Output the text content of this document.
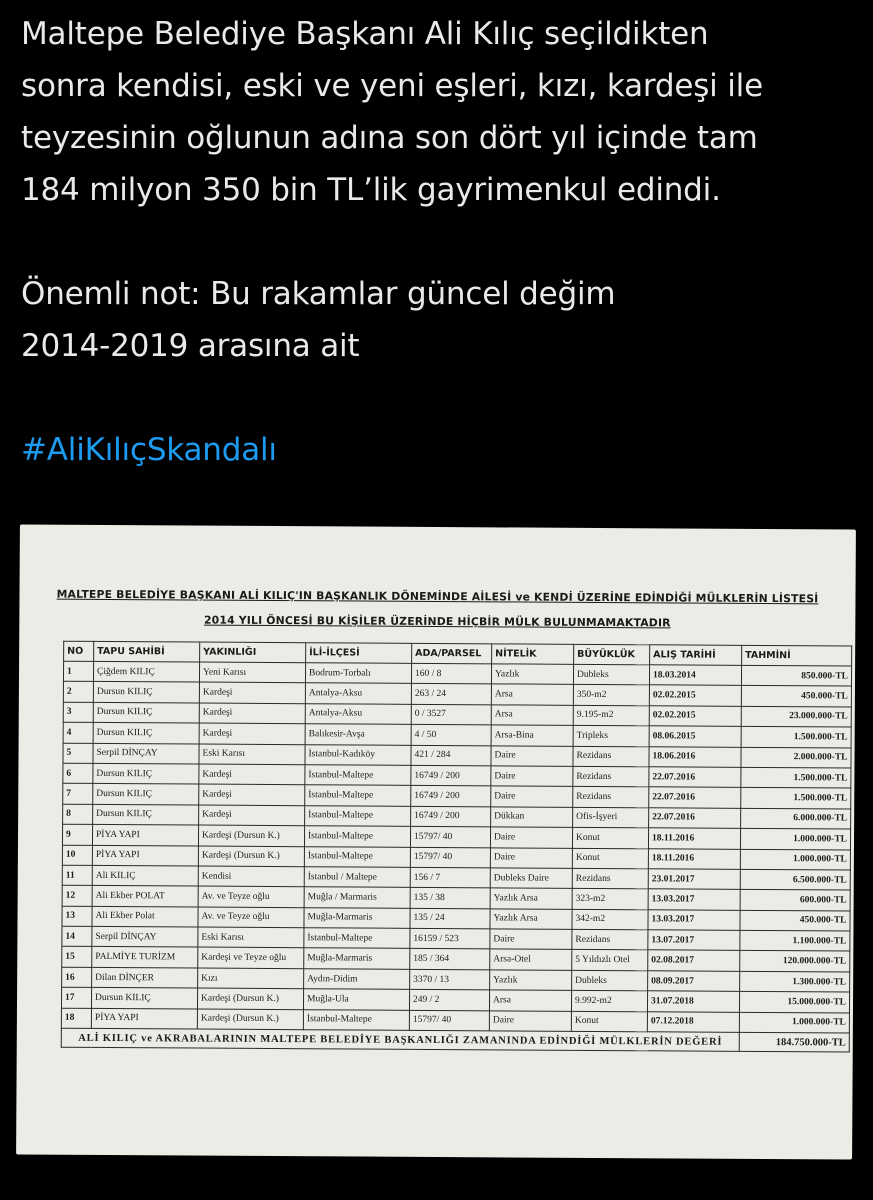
Maltepe Belediye Başkanı Ali Kılıç seçildikten

sonra kendisi, eski ve yeni eşleri, kızı, kardeşi ile

teyzesinin oğlunun adına son dört yıl içinde tam

184 milyon 350 bin TL’lik gayrimenkul edindi.

Önemli not: Bu rakamlar güncel değim

2014-2019 arasına ait

#AliKılıçSkandalı

MALTEPE BELEDİYE BAŞKANI ALİ KILIÇ'IN BAŞKANLIK DÖNEMİNDE AİLESİ ve KENDİ ÜZERİNE EDİNDİĞİ MÜLKLERİN LİSTESİ
2014 YILI ÖNCESİ BU KİŞİLER ÜZERİNDE HİÇBİR MÜLK BULUNMAMAKTADIR
NO	TAPU SAHİBİ	YAKINLIĞI	İLİ-İLÇESİ	ADA/PARSEL	NİTELİK	BÜYÜKLÜK	ALIŞ TARİHİ	TAHMİNİ
1	Çiğdem KILIÇ	Yeni Karısı	Bodrum-Torbalı	160 / 8	Yazlık	Dubleks	18.03.2014	850.000-TL
2	Dursun KILIÇ	Kardeşi	Antalya-Aksu	263 / 24	Arsa	350-m2	02.02.2015	450.000-TL
3	Dursun KILIÇ	Kardeşi	Antalya-Aksu	0 / 3527	Arsa	9.195-m2	02.02.2015	23.000.000-TL
4	Dursun KILIÇ	Kardeşi	Balıkesir-Avşa	4 / 50	Arsa-Bina	Tripleks	08.06.2015	1.500.000-TL
5	Serpil DİNÇAY	Eski Karısı	İstanbul-Kadıköy	421 / 284	Daire	Rezidans	18.06.2016	2.000.000-TL
6	Dursun KILIÇ	Kardeşi	İstanbul-Maltepe	16749 / 200	Daire	Rezidans	22.07.2016	1.500.000-TL
7	Dursun KILIÇ	Kardeşi	İstanbul-Maltepe	16749 / 200	Daire	Rezidans	22.07.2016	1.500.000-TL
8	Dursun KILIÇ	Kardeşi	İstanbul-Maltepe	16749 / 200	Dükkan	Ofis-İşyeri	22.07.2016	6.000.000-TL
9	PİYA YAPI	Kardeşi (Dursun K.)	İstanbul-Maltepe	15797/ 40	Daire	Konut	18.11.2016	1.000.000-TL
10	PİYA YAPI	Kardeşi (Dursun K.)	İstanbul-Maltepe	15797/ 40	Daire	Konut	18.11.2016	1.000.000-TL
11	Ali KILIÇ	Kendisi	İstanbul / Maltepe	156 / 7	Dubleks Daire	Rezidans	23.01.2017	6.500.000-TL
12	Ali Ekber POLAT	Av. ve Teyze oğlu	Muğla / Marmaris	135 / 38	Yazlık Arsa	323-m2	13.03.2017	600.000-TL
13	Ali Ekber Polat	Av. ve Teyze oğlu	Muğla-Marmaris	135 / 24	Yazlık Arsa	342-m2	13.03.2017	450.000-TL
14	Serpil DİNÇAY	Eski Karısı	İstanbul-Maltepe	16159 / 523	Daire	Rezidans	13.07.2017	1.100.000-TL
15	PALMİYE TURİZM	Kardeşi ve Teyze oğlu	Muğla-Marmaris	185 / 364	Arsa-Otel	5 Yıldızlı Otel	02.08.2017	120.000.000-TL
16	Dilan DİNÇER	Kızı	Aydın-Didim	3370 / 13	Yazlık	Dubleks	08.09.2017	1.300.000-TL
17	Dursun KILIÇ	Kardeşi (Dursun K.)	Muğla-Ula	249 / 2	Arsa	9.992-m2	31.07.2018	15.000.000-TL
18	PİYA YAPI	Kardeşi (Dursun K.)	İstanbul-Maltepe	15797/ 40	Daire	Konut	07.12.2018	1.000.000-TL
ALİ KILIÇ ve AKRABALARININ MALTEPE BELEDİYE BAŞKANLIĞI ZAMANINDA EDİNDİĞİ MÜLKLERİN DEĞERİ								184.750.000-TL
